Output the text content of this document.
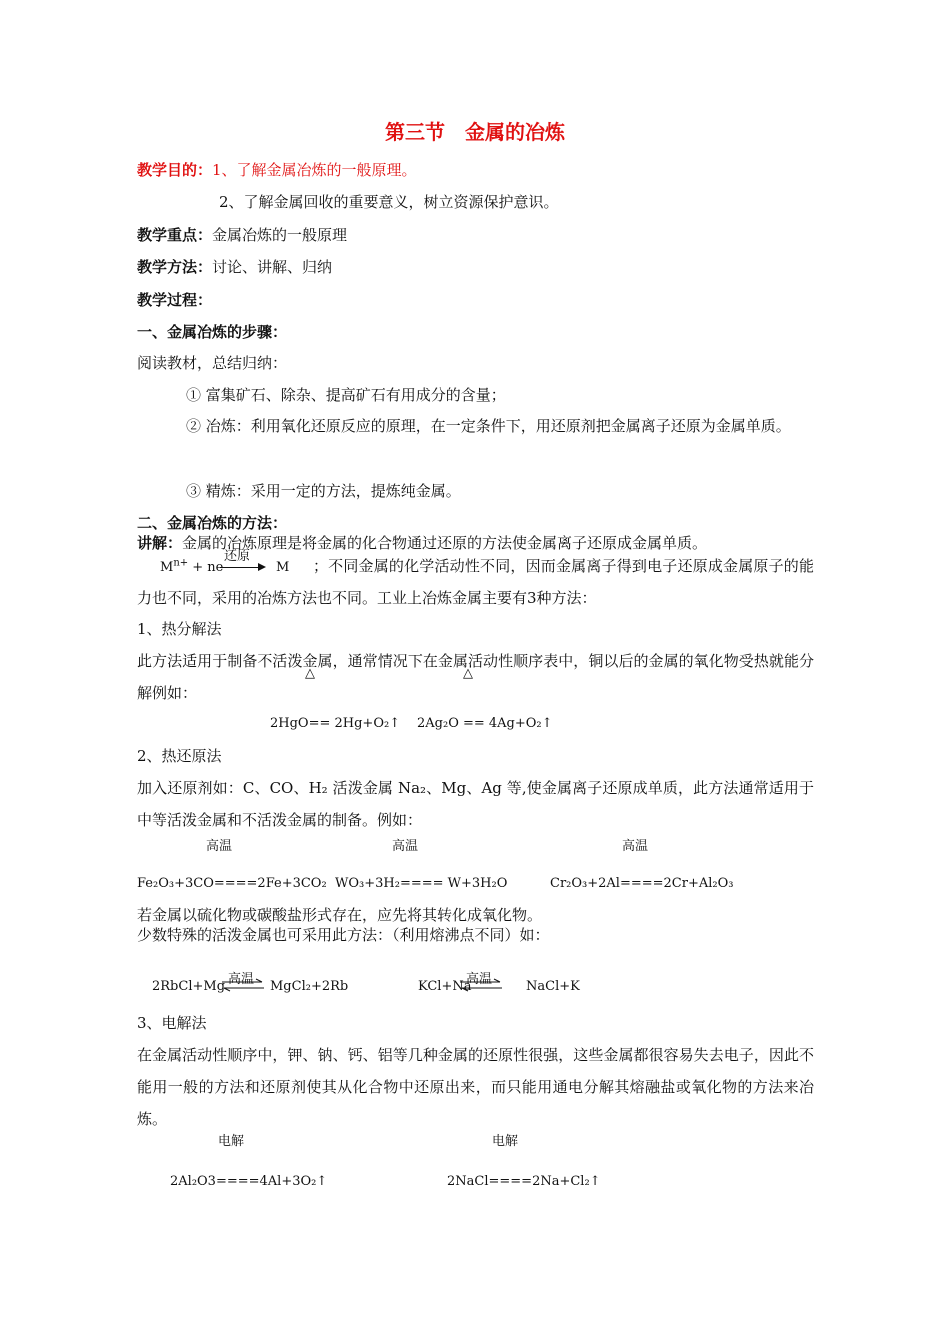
第三节　金属的冶炼
教学目的：1、了解金属冶炼的一般原理。
2、了解金属回收的重要意义，树立资源保护意识。
教学重点：金属冶炼的一般原理
教学方法：讨论、讲解、归纳
教学过程：
一、金属冶炼的步骤：
阅读教材，总结归纳：
① 富集矿石、除杂、提高矿石有用成分的含量；
② 冶炼：利用氧化还原反应的原理，在一定条件下，用还原剂把金属离子还原为金属单质。
③ 精炼：采用一定的方法，提炼纯金属。
二、金属冶炼的方法：
讲解：金属的冶炼原理是将金属的化合物通过还原的方法使金属离子还原成金属单质。
$M^{n+}$ + ne
还原
M	；不同金属的化学活动性不同，因而金属离子得到电子还原成金属原子的能力也不同，采用的冶炼方法也不同。工业上冶炼金属主要有3种方法：
1、热分解法
此方法适用于制备不活泼金属，通常情况下在金属活动性顺序表中，铜以后的金属的氧化物受热就能分解例如：
△	△
2HgO== 2Hg+O₂↑ 2Ag₂O == 4Ag+O₂↑
2、热还原法
加入还原剂如：C、CO、H₂ 活泼金属 Na₂、Mg、Ag 等,使金属离子还原成单质，此方法通常适用于中等活泼金属和不活泼金属的制备。例如：
高温	高温	高温
Fe₂O₃+3CO====2Fe+3CO₂ WO₃+3H₂==== W+3H₂O	Cr₂O₃+2Al====2Cr+Al₂O₃
若金属以硫化物或碳酸盐形式存在，应先将其转化成氧化物。
少数特殊的活泼金属也可采用此方法：（利用熔沸点不同）如：
2RbCl+Mg 高温 ⇌ MgCl₂+2Rb	KCl+Na
高温 ⇌ NaCl+K
3、电解法
在金属活动性顺序中，钾、钠、钙、铝等几种金属的还原性很强，这些金属都很容易失去电子，因此不能用一般的方法和还原剂使其从化合物中还原出来，而只能用通电分解其熔融盐或氧化物的方法来冶炼。
电解	电解
2Al₂O3====4Al+3O₂↑	2NaCl====2Na+Cl₂↑
